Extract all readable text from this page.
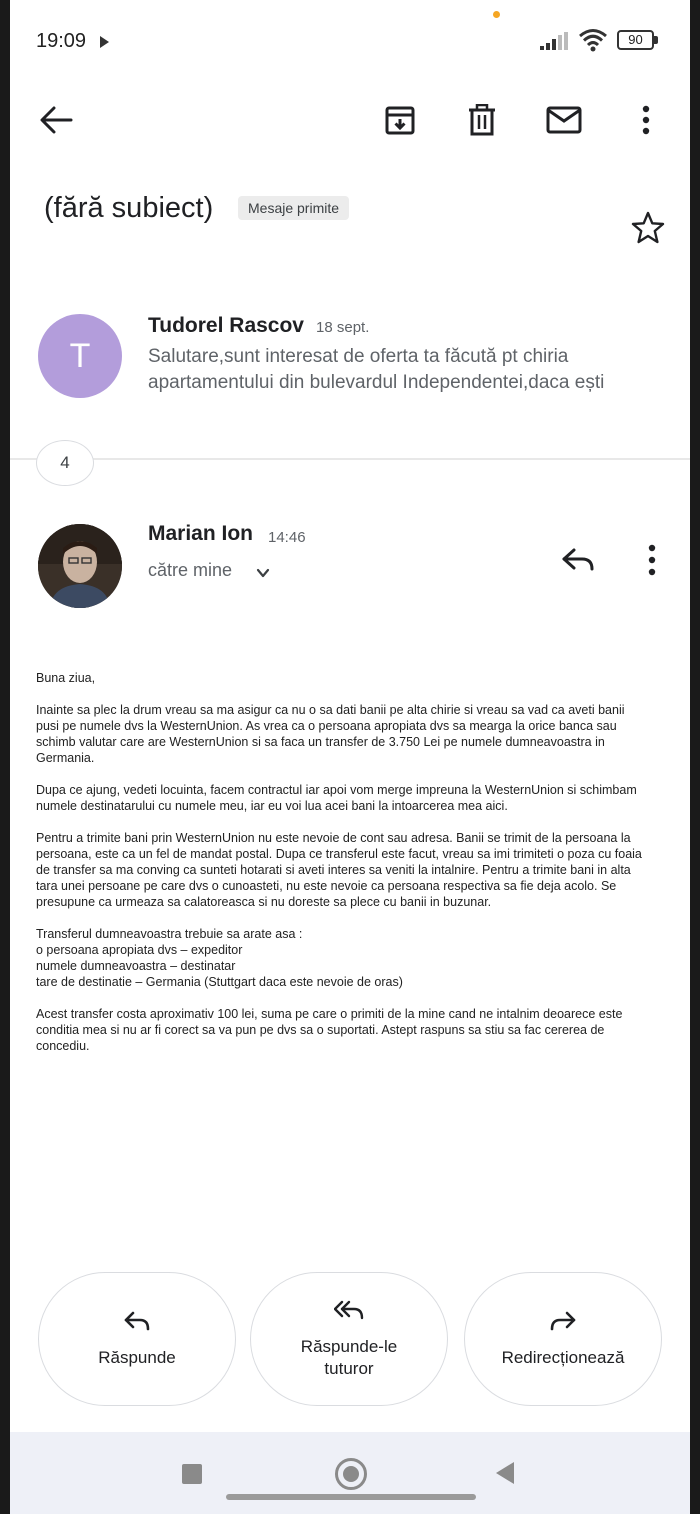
19:09	90
(fără subiect)	Mesaje primite
T
Tudorel Rascov 18 sept.
Salutare,sunt interesat de oferta ta făcută pt chiria apartamentului din bulevardul Independentei,daca ești
4
Marian Ion 14:46
către mine

Buna ziua,

Inainte sa plec la drum vreau sa ma asigur ca nu o sa dati banii pe alta chirie si vreau sa vad ca aveti banii pusi pe numele dvs la WesternUnion. As vrea ca o persoana apropiata dvs sa mearga la orice banca sau schimb valutar care are WesternUnion si sa faca un transfer de 3.750 Lei pe numele dumneavoastra in Germania.

Dupa ce ajung, vedeti locuinta, facem contractul iar apoi vom merge impreuna la WesternUnion si schimbam numele destinatarului cu numele meu, iar eu voi lua acei bani la intoarcerea mea aici.

Pentru a trimite bani prin WesternUnion nu este nevoie de cont sau adresa. Banii se trimit de la persoana la persoana, este ca un fel de mandat postal. Dupa ce transferul este facut, vreau sa imi trimiteti o poza cu foaia de transfer sa ma conving ca sunteti hotarati si aveti interes sa veniti la intalnire. Pentru a trimite bani in alta tara unei persoane pe care dvs o cunoasteti, nu este nevoie ca persoana respectiva sa fie deja acolo. Se presupune ca urmeaza sa calatoreasca si nu doreste sa plece cu banii in buzunar.

Transferul dumneavoastra trebuie sa arate asa :
o persoana apropiata dvs – expeditor
numele dumneavoastra – destinatar
tare de destinatie – Germania (Stuttgart daca este nevoie de oras)

Acest transfer costa aproximativ 100 lei, suma pe care o primiti de la mine cand ne intalnim deoarece este conditia mea si nu ar fi corect sa va pun pe dvs sa o suportati. Astept raspuns sa stiu sa fac cererea de concediu.

Răspunde
Răspunde-le
tuturor
Redirecționează
